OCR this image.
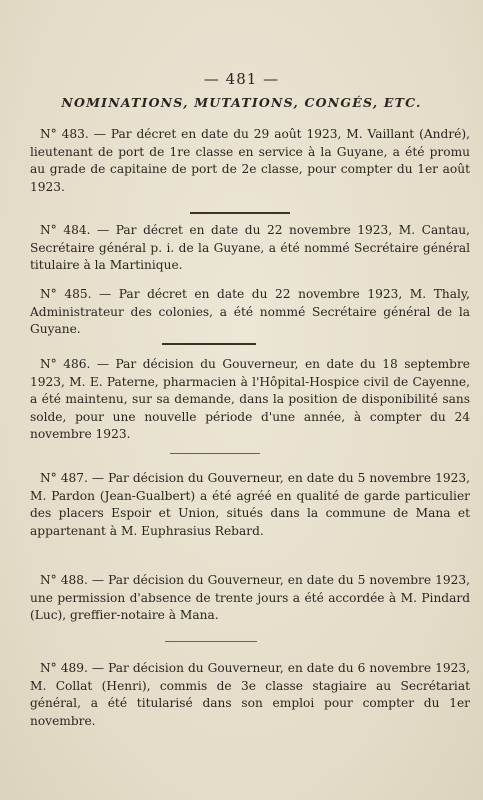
— 481 —
NOMINATIONS, MUTATIONS, CONGÉS, ETC.
N° 483. — Par décret en date du 29 août 1923, M. Vaillant (André), lieutenant de port de 1re classe en service à la Guyane, a été promu au grade de capitaine de port de 2e classe, pour compter du 1er août 1923.
N° 484. — Par décret en date du 22 novembre 1923, M. Cantau, Secrétaire général p. i. de la Guyane, a été nommé Secrétaire général titulaire à la Martinique.
N° 485. — Par décret en date du 22 novembre 1923, M. Thaly, Administrateur des colonies, a été nommé Secrétaire général de la Guyane.
N° 486. — Par décision du Gouverneur, en date du 18 septembre 1923, M. E. Paterne, pharmacien à l'Hôpital-Hospice civil de Cayenne, a été maintenu, sur sa demande, dans la position de disponibilité sans solde, pour une nouvelle période d'une année, à compter du 24 novembre 1923.
N° 487. — Par décision du Gouverneur, en date du 5 novembre 1923, M. Pardon (Jean-Gualbert) a été agréé en qualité de garde particulier des placers Espoir et Union, situés dans la commune de Mana et appartenant à M. Euphrasius Rebard.
N° 488. — Par décision du Gouverneur, en date du 5 novembre 1923, une permission d'absence de trente jours a été accordée à M. Pindard (Luc), greffier-notaire à Mana.
N° 489. — Par décision du Gouverneur, en date du 6 novembre 1923, M. Collat (Henri), commis de 3e classe stagiaire au Secrétariat général, a été titularisé dans son emploi pour compter du 1er novembre.
